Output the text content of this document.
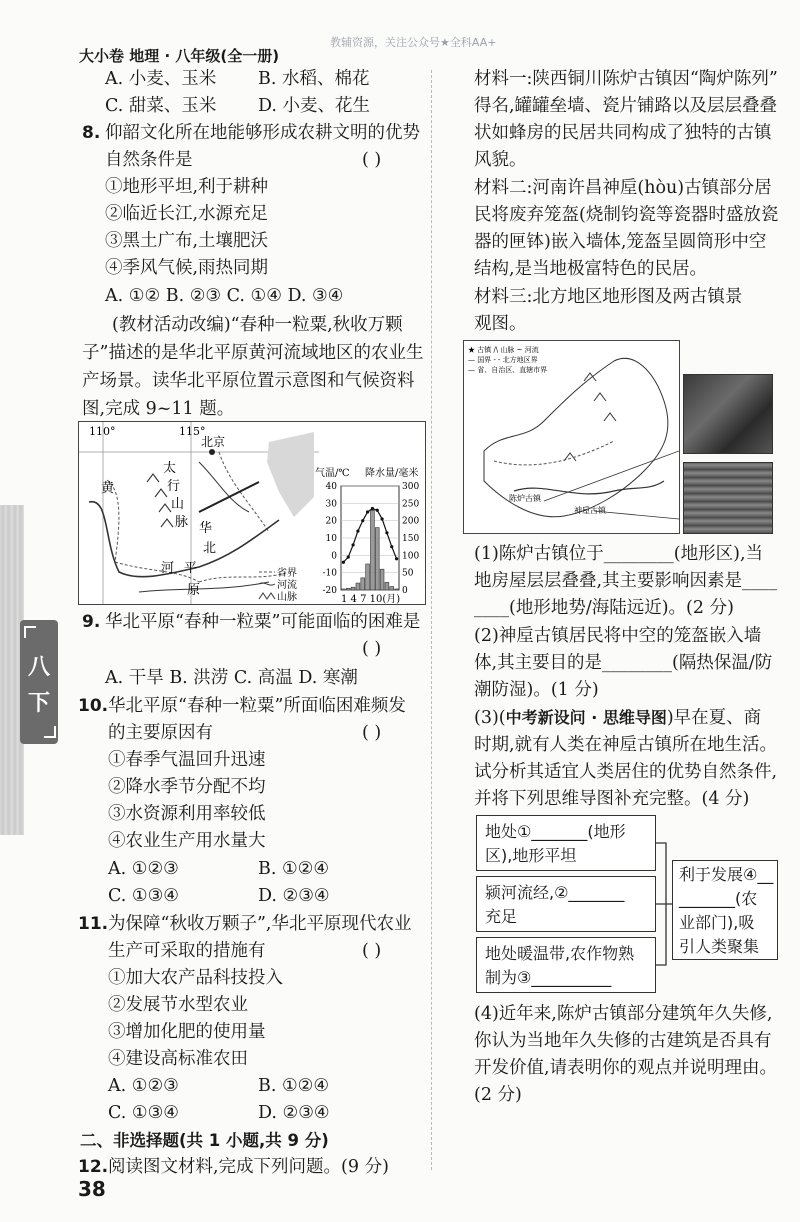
教辅资源，关注公众号★全科AA+
大小卷 地理 · 八年级(全一册)
八
下
A. 小麦、玉米 B. 水稻、棉花
C. 甜菜、玉米 D. 小麦、花生
8. 仰韶文化所在地能够形成农耕文明的优势
自然条件是	( )
①地形平坦,利于耕种
②临近长江,水源充足
③黑土广布,土壤肥沃
④季风气候,雨热同期
A. ①② B. ②③ C. ①④ D. ③④
(教材活动改编)“春种一粒粟,秋收万颗
子”描述的是华北平原黄河流域地区的农业生
产场景。读华北平原位置示意图和气候资料
图,完成 9~11 题。
110°	115°
北京
太
行
山
脉
黄
华
北
平
河
原
省界
河流
山脉
气温/℃ 降水量/毫米
1 4 7 10(月)
40	300
30	250
20	200
10	150
0	100
-10	50
-20	0
9. 华北平原“春种一粒粟”可能面临的困难是
( )
A. 干旱 B. 洪涝 C. 高温 D. 寒潮
10. 华北平原“春种一粒粟”所面临困难频发
的主要原因有	( )
①春季气温回升迅速
②降水季节分配不均
③水资源利用率较低
④农业生产用水量大
A. ①②③	B. ①②④
C. ①③④	D. ②③④
11. 为保障“秋收万颗子”,华北平原现代农业
生产可采取的措施有	( )
①加大农产品科技投入
②发展节水型农业
③增加化肥的使用量
④建设高标准农田
A. ①②③	B. ①②④
C. ①③④	D. ②③④
二、非选择题(共 1 小题,共 9 分)
12. 阅读图文材料,完成下列问题。(9 分)
38
材料一:陕西铜川陈炉古镇因“陶炉陈列”
得名,罐罐垒墙、瓷片铺路以及层层叠叠
状如蜂房的民居共同构成了独特的古镇
风貌。
材料二:河南许昌神垕(hòu)古镇部分居
民将废弃笼盔(烧制钧瓷等瓷器时盛放瓷
器的匣钵)嵌入墙体,笼盔呈圆筒形中空
结构,是当地极富特色的民居。
材料三:北方地区地形图及两古镇景
观图。
★ 古镇 /\ 山脉 ~ 河流
— 国界 - - 北方地区界
— 省、自治区、直辖市界
陈炉古镇
神垕古镇
(1)陈炉古镇位于________(地形区),当
地房屋层层叠叠,其主要影响因素是____
____(地形地势/海陆远近)。(2 分)
(2)神垕古镇居民将中空的笼盔嵌入墙
体,其主要目的是________(隔热保温/防
潮防湿)。(1 分)
(3)(中考新设问 · 思维导图)早在夏、商
时期,就有人类在神垕古镇所在地生活。
试分析其适宜人类居住的优势自然条件,
并将下列思维导图补充完整。(4 分)
地处①_______(地形
区),地形平坦
颍河流经,②_______
充足
地处暖温带,农作物熟
制为③__________
利于发展④__
_______(农
业部门),吸
引人类聚集
(4)近年来,陈炉古镇部分建筑年久失修,
你认为当地年久失修的古建筑是否具有
开发价值,请表明你的观点并说明理由。
(2 分)
